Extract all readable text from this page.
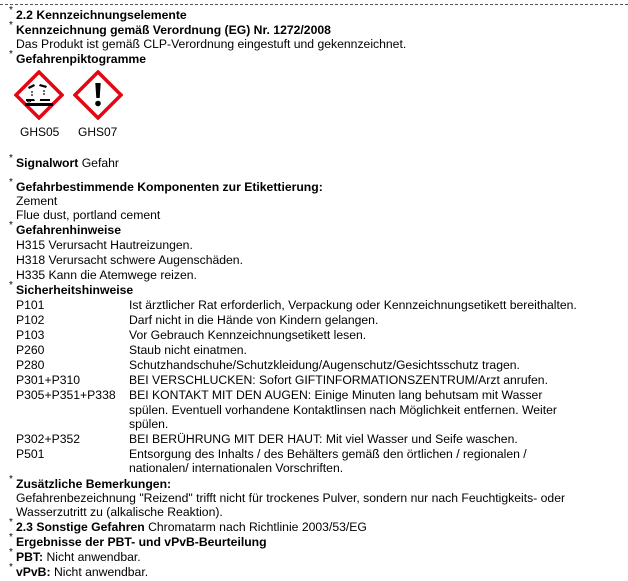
* 2.2 Kennzeichnungselemente
* Kennzeichnung gemäß Verordnung (EG) Nr. 1272/2008
Das Produkt ist gemäß CLP-Verordnung eingestuft und gekennzeichnet.
* Gefahrenpiktogramme
GHS05 GHS07
* Signalwort Gefahr
* Gefahrbestimmende Komponenten zur Etikettierung:
Zement
Flue dust, portland cement
* Gefahrenhinweise
H315 Verursacht Hautreizungen.
H318 Verursacht schwere Augenschäden.
H335 Kann die Atemwege reizen.
* Sicherheitshinweise
P101	Ist ärztlicher Rat erforderlich, Verpackung oder Kennzeichnungsetikett bereithalten.
P102	Darf nicht in die Hände von Kindern gelangen.
P103	Vor Gebrauch Kennzeichnungsetikett lesen.
P260	Staub nicht einatmen.
P280	Schutzhandschuhe/Schutzkleidung/Augenschutz/Gesichtsschutz tragen.
P301+P310	BEI VERSCHLUCKEN: Sofort GIFTINFORMATIONSZENTRUM/Arzt anrufen.
P305+P351+P338 BEI KONTAKT MIT DEN AUGEN: Einige Minuten lang behutsam mit Wasser
spülen. Eventuell vorhandene Kontaktlinsen nach Möglichkeit entfernen. Weiter
spülen.
P302+P352	BEI BERÜHRUNG MIT DER HAUT: Mit viel Wasser und Seife waschen.
P501	Entsorgung des Inhalts / des Behälters gemäß den örtlichen / regionalen /
nationalen/ internationalen Vorschriften.
* Zusätzliche Bemerkungen:
Gefahrenbezeichnung "Reizend" trifft nicht für trockenes Pulver, sondern nur nach Feuchtigkeits- oder
Wasserzutritt zu (alkalische Reaktion).
* 2.3 Sonstige Gefahren Chromatarm nach Richtlinie 2003/53/EG
* Ergebnisse der PBT- und vPvB-Beurteilung
* PBT: Nicht anwendbar.
* vPvB: Nicht anwendbar.
